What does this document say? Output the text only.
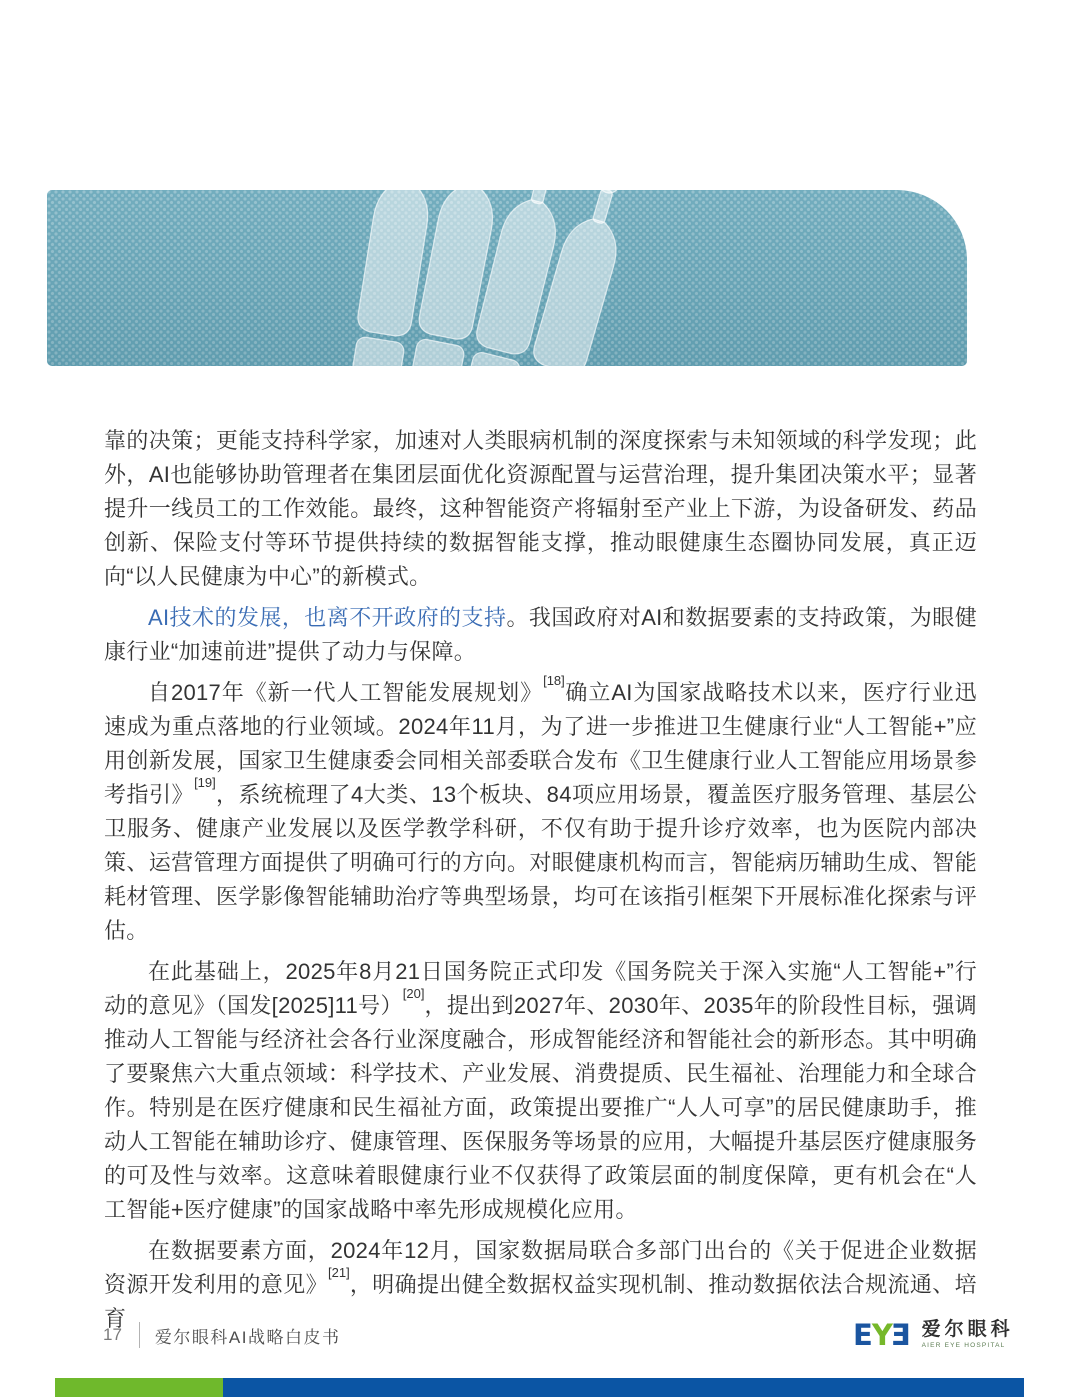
靠的决策；更能支持科学家，加速对人类眼病机制的深度探索与未知领域的科学发现；此外，AI也能够协助管理者在集团层面优化资源配置与运营治理，提升集团决策水平；显著提升一线员工的工作效能。最终，这种智能资产将辐射至产业上下游，为设备研发、药品创新、保险支付等环节提供持续的数据智能支撑，推动眼健康生态圈协同发展，真正迈向“以人民健康为中心”的新模式。

AI技术的发展，也离不开政府的支持。我国政府对AI和数据要素的支持政策，为眼健康行业“加速前进”提供了动力与保障。

自2017年《新一代人工智能发展规划》[18]确立AI为国家战略技术以来，医疗行业迅速成为重点落地的行业领域。2024年11月，为了进一步推进卫生健康行业“人工智能+”应用创新发展，国家卫生健康委会同相关部委联合发布《卫生健康行业人工智能应用场景参考指引》[19]，系统梳理了4大类、13个板块、84项应用场景，覆盖医疗服务管理、基层公卫服务、健康产业发展以及医学教学科研，不仅有助于提升诊疗效率，也为医院内部决策、运营管理方面提供了明确可行的方向。对眼健康机构而言，智能病历辅助生成、智能耗材管理、医学影像智能辅助治疗等典型场景，均可在该指引框架下开展标准化探索与评估。

在此基础上，2025年8月21日国务院正式印发《国务院关于深入实施“人工智能+”行动的意见》（国发[2025]11号）[20]，提出到2027年、2030年、2035年的阶段性目标，强调推动人工智能与经济社会各行业深度融合，形成智能经济和智能社会的新形态。其中明确了要聚焦六大重点领域：科学技术、产业发展、消费提质、民生福祉、治理能力和全球合作。特别是在医疗健康和民生福祉方面，政策提出要推广“人人可享”的居民健康助手，推动人工智能在辅助诊疗、健康管理、医保服务等场景的应用，大幅提升基层医疗健康服务的可及性与效率。这意味着眼健康行业不仅获得了政策层面的制度保障，更有机会在“人工智能+医疗健康”的国家战略中率先形成规模化应用。

在数据要素方面，2024年12月，国家数据局联合多部门出台的《关于促进企业数据资源开发利用的意见》[21]，明确提出健全数据权益实现机制、推动数据依法合规流通、培育

17 爱尔眼科AI战略白皮书	E Y E 爱尔眼科
AIER EYE HOSPITAL
